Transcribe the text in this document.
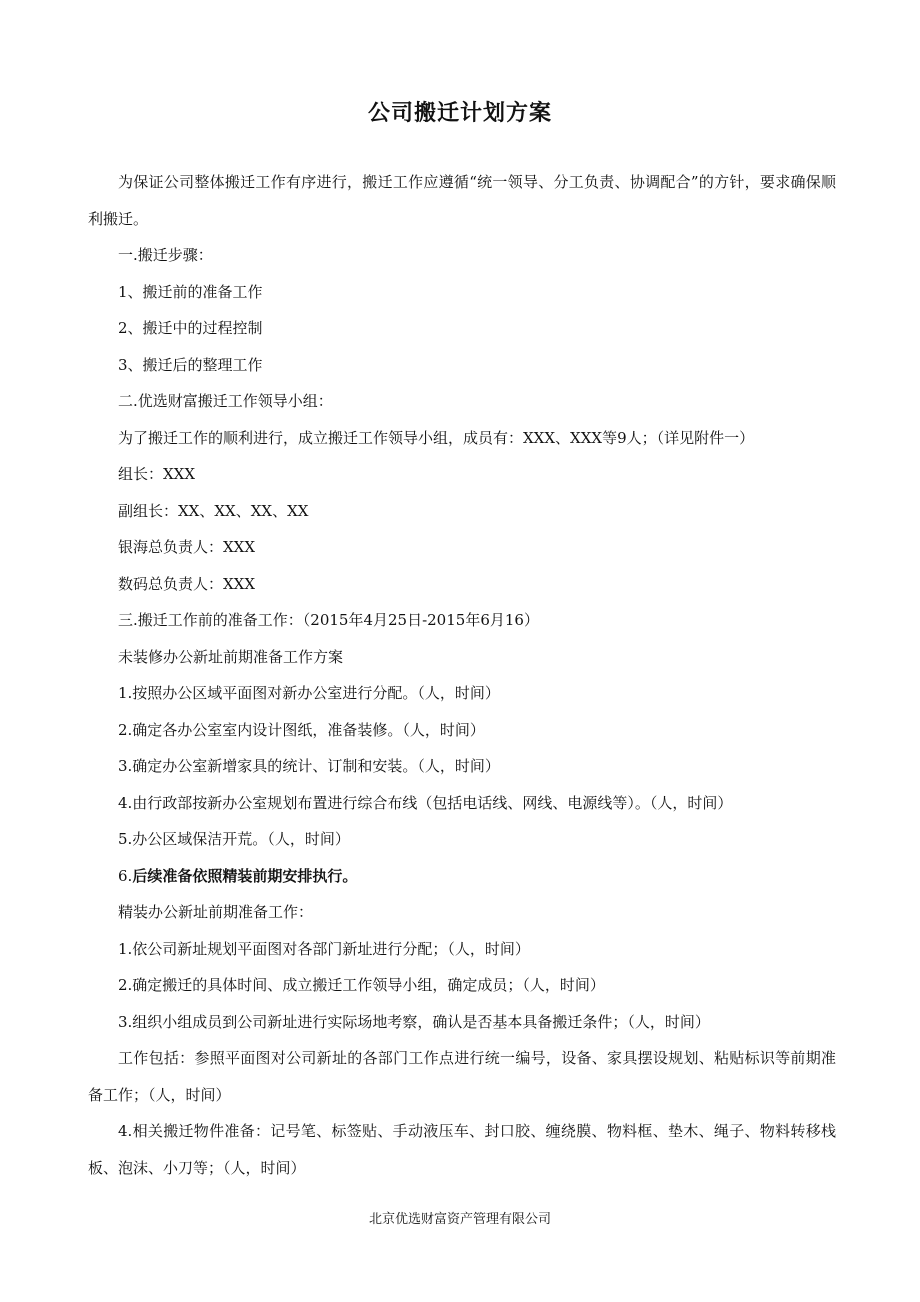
公司搬迁计划方案

为保证公司整体搬迁工作有序进行，搬迁工作应遵循“统一领导、分工负责、协调配合”的方针，要求确保顺利搬迁。

一.搬迁步骤：

1、搬迁前的准备工作

2、搬迁中的过程控制

3、搬迁后的整理工作

二.优选财富搬迁工作领导小组：

为了搬迁工作的顺利进行，成立搬迁工作领导小组，成员有：XXX、XXX等9人；（详见附件一）

组长：XXX

副组长：XX、XX、XX、XX

银海总负责人：XXX

数码总负责人：XXX

三.搬迁工作前的准备工作：（2015年4月25日-2015年6月16）

未装修办公新址前期准备工作方案

1.按照办公区域平面图对新办公室进行分配。（人，时间）

2.确定各办公室室内设计图纸，准备装修。（人，时间）

3.确定办公室新增家具的统计、订制和安装。（人，时间）

4.由行政部按新办公室规划布置进行综合布线（包括电话线、网线、电源线等）。（人，时间）

5.办公区域保洁开荒。（人，时间）

6.后续准备依照精装前期安排执行。

精装办公新址前期准备工作：

1.依公司新址规划平面图对各部门新址进行分配；（人，时间）

2.确定搬迁的具体时间、成立搬迁工作领导小组，确定成员；（人，时间）

3.组织小组成员到公司新址进行实际场地考察，确认是否基本具备搬迁条件；（人，时间）

工作包括：参照平面图对公司新址的各部门工作点进行统一编号，设备、家具摆设规划、粘贴标识等前期准备工作；（人，时间）

4.相关搬迁物件准备：记号笔、标签贴、手动液压车、封口胶、缠绕膜、物料框、垫木、绳子、物料转移栈板、泡沫、小刀等；（人，时间）

北京优选财富资产管理有限公司
